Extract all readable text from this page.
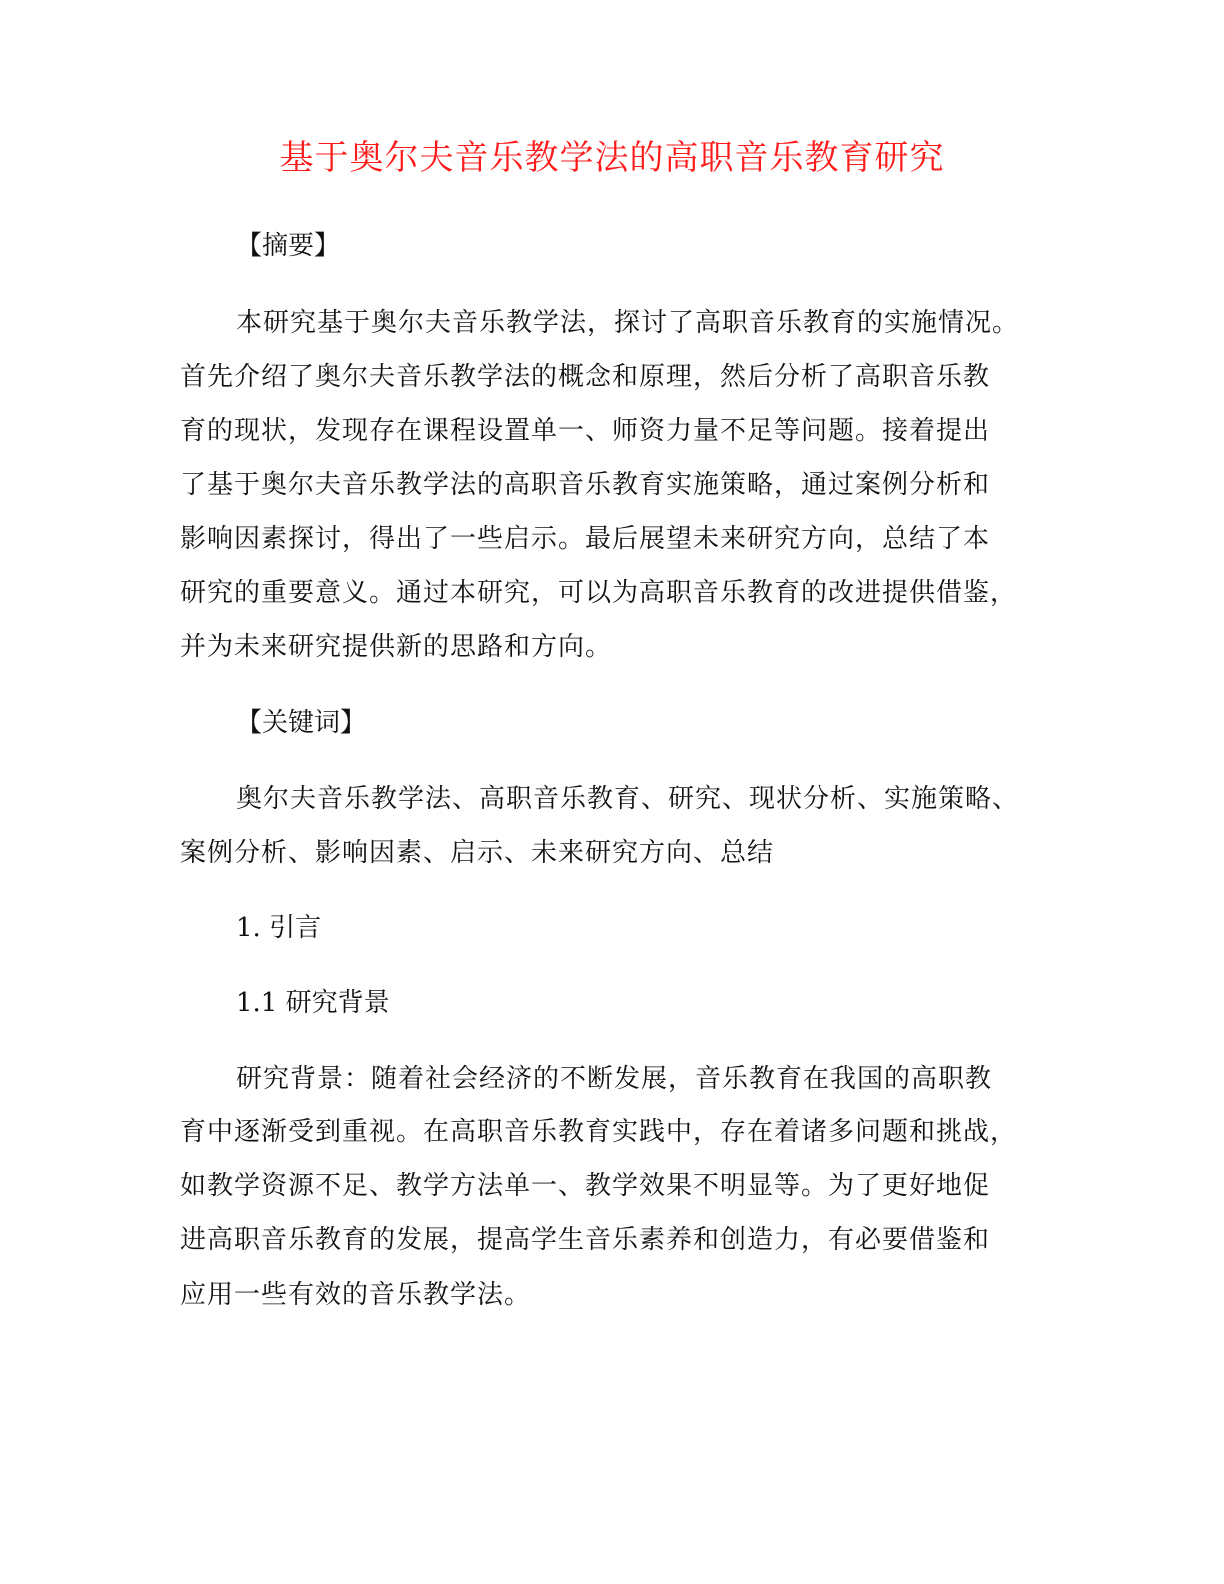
基于奥尔夫音乐教学法的高职音乐教育研究
【摘要】
本研究基于奥尔夫音乐教学法，探讨了高职音乐教育的实施情况。
首先介绍了奥尔夫音乐教学法的概念和原理，然后分析了高职音乐教
育的现状，发现存在课程设置单一、师资力量不足等问题。接着提出
了基于奥尔夫音乐教学法的高职音乐教育实施策略，通过案例分析和
影响因素探讨，得出了一些启示。最后展望未来研究方向，总结了本
研究的重要意义。通过本研究，可以为高职音乐教育的改进提供借鉴，
并为未来研究提供新的思路和方向。
【关键词】
奥尔夫音乐教学法、高职音乐教育、研究、现状分析、实施策略、
案例分析、影响因素、启示、未来研究方向、总结
1. 引言
1.1 研究背景
研究背景：随着社会经济的不断发展，音乐教育在我国的高职教
育中逐渐受到重视。在高职音乐教育实践中，存在着诸多问题和挑战，
如教学资源不足、教学方法单一、教学效果不明显等。为了更好地促
进高职音乐教育的发展，提高学生音乐素养和创造力，有必要借鉴和
应用一些有效的音乐教学法。
